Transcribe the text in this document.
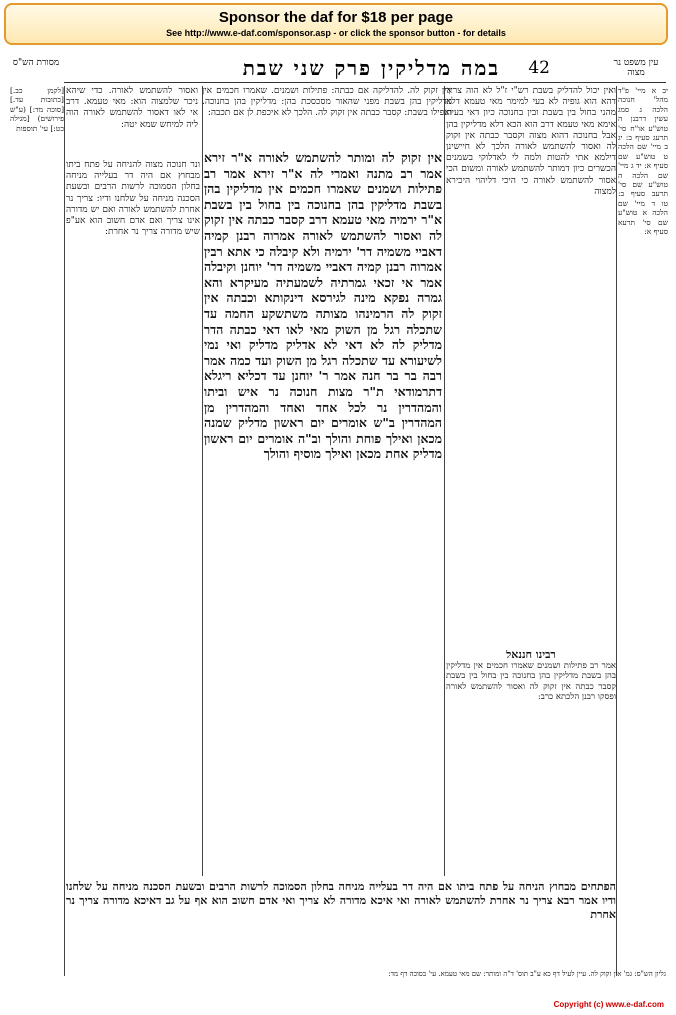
Sponsor the daf for $18 per page
See http://www.e-daf.com/sponsor.asp - or click the sponsor button - for details
עין משפט נר מצוה
42
במה מדליקין פרק שני שבת
מסורת הש"ס
אין זקוק לה. להדליקה אם כבתה: פתילות ושמנים. שאמרו חכמים אין מדליקין בהן בשבת מפני שהאור מסכסכת בהן: מדליקין בהן בחנוכה. ואפילו בשבת: קסבר כבתה אין זקוק לה. הלכך לא איכפת לן אם תכבה:
ואסור להשתמש לאורה. כדי שיהא ניכר שלמצוה הוא: מאי טעמא. דרב אי לאו דאסור להשתמש לאורה הוה ליה למיחש שמא יטה:
ואין יכול להדליק בשבת רש"י ז"ל לא הוה צריך דהא הוא גופיה לא בעי למימר מאי טעמא דלא מהני בחול בין בשבת ובין בחנוכה כיון דאי בעית אימא מאי טעמא דרב הוא הכא דלא מדליקין בהן אבל בחנוכה דהוא מצוה וקסבר כבתה אין זקוק לה ואסור להשתמש לאורה הלכך לא חיישינן דילמא אתי להטות ולמה לי לאדלוקי בשמנים הכשרים כיון דמותר להשתמש לאורה ומשום הכי אסור להשתמש לאורה כי היכי דליהוי היכירא למצוה
אין זקוק לה ומותר להשתמש לאורה א"ר זירא אמר רב מתנה ואמרי לה א"ר זירא אמר רב פתילות ושמנים שאמרו חכמים אין מדליקין בהן בשבת מדליקין בהן בחנוכה בין בחול בין בשבת א"ר ירמיה מאי טעמא דרב קסבר כבתה אין זקוק לה ואסור להשתמש לאורה אמרוה רבנן קמיה דאביי משמיה דר' ירמיה ולא קיבלה כי אתא רבין אמרוה רבנן קמיה דאביי משמיה דר' יוחנן וקיבלה אמר אי זכאי גמרתיה לשמעתיה מעיקרא והא גמרה נפקא מינה לגירסא דינקותא וכבתה אין זקוק לה הרמינהו מצותה משתשקע החמה עד שתכלה רגל מן השוק מאי לאו דאי כבתה הדר מדליק לה לא דאי לא אדליק מדליק ואי נמי לשיעורא עד שתכלה רגל מן השוק ועד כמה אמר רבה בר בר חנה אמר ר' יוחנן עד דכליא ריגלא דתרמודאי ת"ר מצות חנוכה נר איש וביתו והמהדרין נר לכל אחד ואחד והמהדרין מן המהדרין ב"ש אומרים יום ראשון מדליק שמנה מכאן ואילך פוחת והולך וב"ה אומרים יום ראשון מדליק אחת מכאן ואילך מוסיף והולך
ונר חנוכה מצוה להניחה על פתח ביתו מבחוץ אם היה דר בעלייה מניחה בחלון הסמוכה לרשות הרבים ובשעת הסכנה מניחה על שלחנו ודיו: צריך נר אחרת להשתמש לאורה ואם יש מדורה אינו צריך ואם אדם חשוב הוא אע"פ שיש מדורה צריך נר אחרת:
יב א מיי' פ"ד מהל' חנוכה הלכה ג סמג עשין דרבנן ה טוש"ע או"ח סי' תרעג סעיף ב: יג ב מיי' שם הלכה ט טוש"ע שם סעיף א: יד ג מיי' שם הלכה ה טוש"ע שם סי' תרעב סעיף ב: טו ד מיי' שם הלכה א טוש"ע שם סי' תרעא סעיף א:
[לקמן כב.] [כתובות עד.] [סוכה מד:] (ע"ש פירושים) [מגילה כט:] עי' תוספות
רבינו חננאל
אמר רב פתילות ושמנים שאמרו חכמים אין מדליקין בהן בשבת מדליקין בהן בחנוכה בין בחול בין בשבת קסבר כבתה אין זקוק לה ואסור להשתמש לאורה ופסקו רבנן הלכתא כרב:
הפתחים מבחוץ הניחה על פתח ביתו אם היה דר בעלייה מניחה בחלון הסמוכה לרשות הרבים ובשעת הסכנה מניחה על שלחנו ודיו אמר רבא צריך נר אחרת להשתמש לאורה ואי איכא מדורה לא צריך ואי אדם חשוב הוא אף על גב דאיכא מדורה צריך נר אחרת
גליון הש"ס: גמ' אין זקוק לה. עיין לעיל דף כא ע"ב תוס' ד"ה ומותר: שם מאי טעמא. עי' בסוכה דף מד:
Copyright (c) www.e-daf.com
